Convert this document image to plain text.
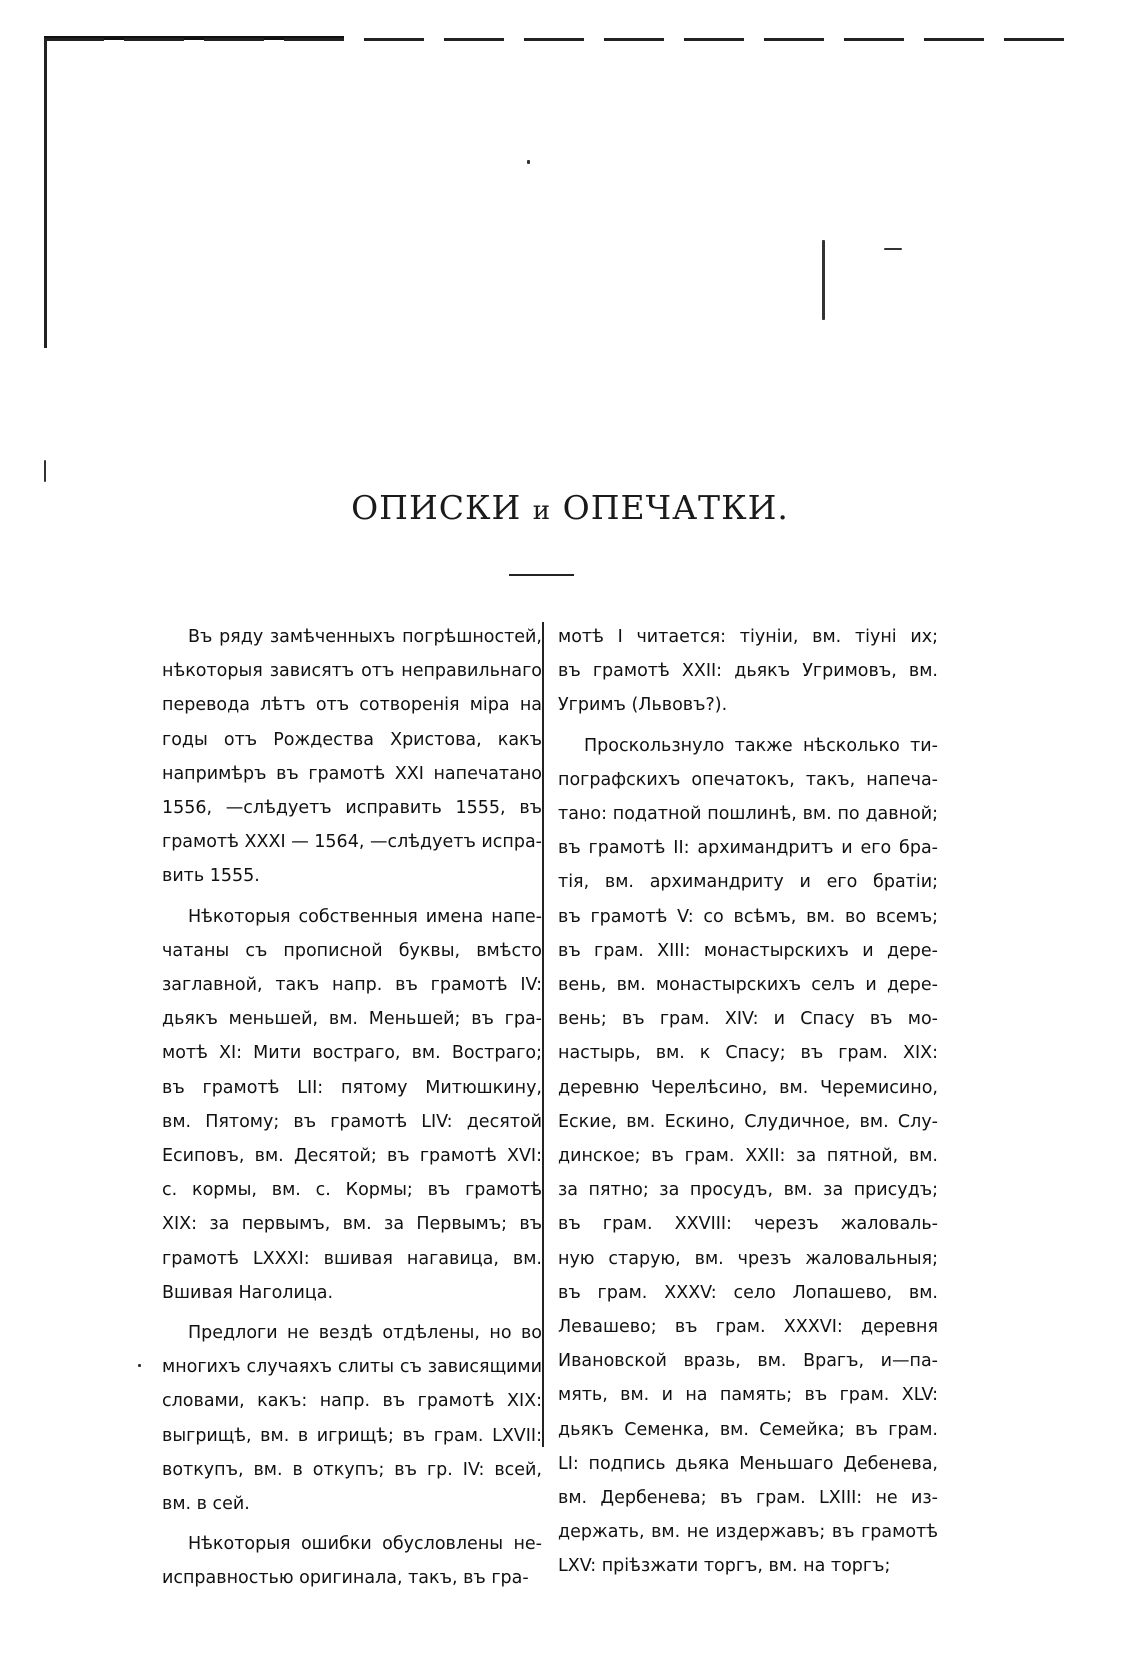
ОПИСКИ и ОПЕЧАТКИ.

Въ ряду замѣченныхъ погрѣшностей,
нѣкоторыя зависятъ отъ неправильнаго
перевода лѣтъ отъ сотворенія міра на
годы отъ Рождества Христова, какъ
напримѣръ въ грамотѣ XXI напечатано
1556, —слѣдуетъ исправить 1555, въ
грамотѣ XXXI — 1564, —слѣдуетъ испра-
вить 1555.

Нѣкоторыя собственныя имена напе-
чатаны съ прописной буквы, вмѣсто
заглавной, такъ напр. въ грамотѣ IV:
дьякъ меньшей, вм. Меньшей; въ гра-
мотѣ XI: Мити вострaго, вм. Вострaго;
въ грамотѣ LII: пятому Митюшкину,
вм. Пятому; въ грамотѣ LIV: десятой
Есиповъ, вм. Десятой; въ грамотѣ XVI:
с. кормы, вм. с. Кормы; въ грамотѣ
XIX: за первымъ, вм. за Первымъ; въ
грамотѣ LXXXI: вшивая нагавица, вм.
Вшивая Наголица.

Предлоги не вездѣ отдѣлены, но во
многихъ случаяхъ слиты съ зависящими
словами, какъ: напр. въ грамотѣ XIX:
выгрищѣ, вм. в игрищѣ; въ грам. LXVII:
воткупъ, вм. в откупъ; въ гр. IV: всей,
вм. в сей.

Нѣкоторыя ошибки обусловлены не-
исправностью оригинала, такъ, въ гра-

мотѣ I читается: тіуніи, вм. тіуні их;
въ грамотѣ XXII: дьякъ Угримовъ, вм.
Угримъ (Львовъ?).

Проскользнуло также нѣсколько ти-
пографскихъ опечатокъ, такъ, напеча-
тано: податной пошлинѣ, вм. по давной;
въ грамотѣ II: архимандритъ и его бра-
тія, вм. архимандриту и его братіи;
въ грамотѣ V: со всѣмъ, вм. во всемъ;
въ грам. XIII: монастырскихъ и дере-
вень, вм. монастырскихъ селъ и дере-
вень; въ грам. XIV: и Спасу въ мо-
настырь, вм. к Спасу; въ грам. XIX:
деревню Черелѣсино, вм. Черемисино,
Еские, вм. Ескино, Слудичное, вм. Слу-
динское; въ грам. XXII: за пятной, вм.
за пятно; за просудъ, вм. за присудъ;
въ грам. XXVIII: черезъ жаловаль-
ную старую, вм. чрезъ жаловальныя;
въ грам. XXXV: село Лопашево, вм.
Левашево; въ грам. XXXVI: деревня
Ивановской вразь, вм. Врагъ, и—па-
мять, вм. и на память; въ грам. XLV:
дьякъ Семенка, вм. Семейка; въ грам.
LI: подпись дьяка Меньшаго Дебенева,
вм. Дербенева; въ грам. LXIII: не из-
держать, вм. не издержавъ; въ грамотѣ
LXV: пріѣзжати торгъ, вм. на торгъ;
